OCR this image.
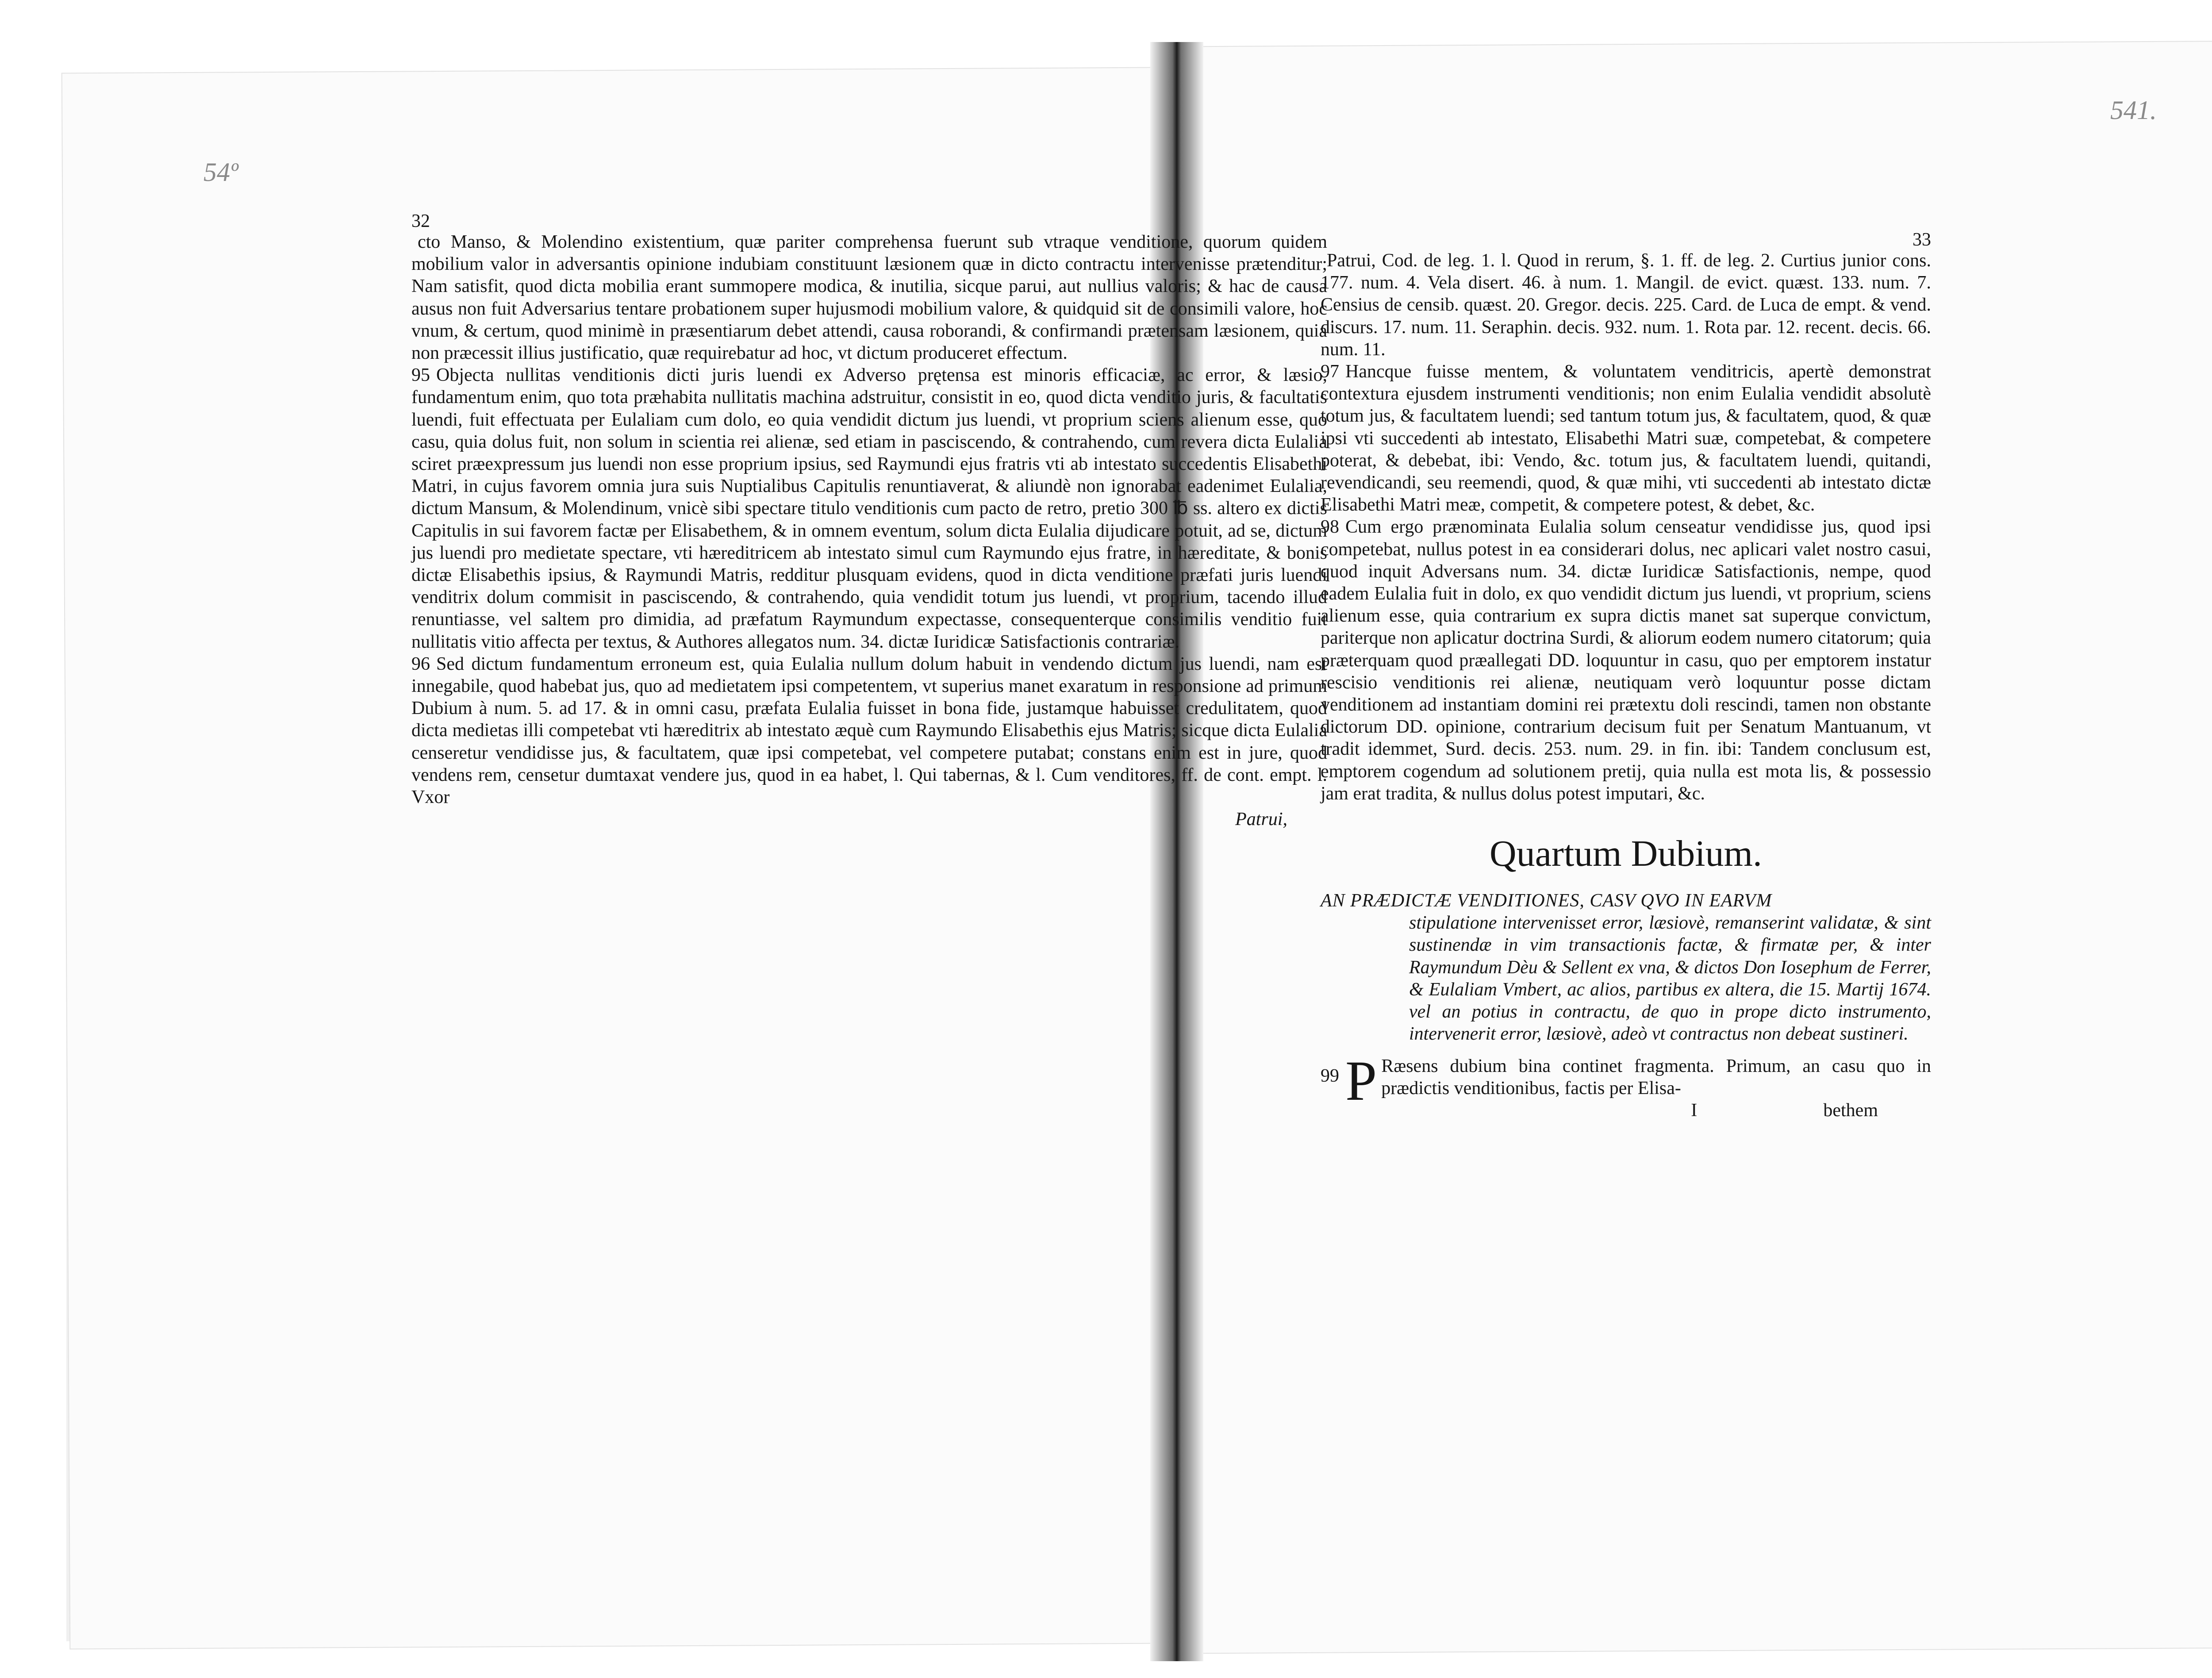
54º
541.
32

cto Manso, & Molendino existentium, quæ pariter comprehensa fuerunt sub vtraque venditione, quorum quidem mobilium valor in adversantis opinione indubiam constituunt læsionem quæ in dicto contractu intervenisse prætenditur; Nam satisfit, quod dicta mobilia erant summopere modica, & inutilia, sicque parui, aut nullius valoris; & hac de causa ausus non fuit Adversarius tentare probationem super hujusmodi mobilium valore, & quidquid sit de consimili valore, hoc vnum, & certum, quod minimè in præsentiarum debet attendi, causa roborandi, & confirmandi prætensam læsionem, quia non præcessit illius justificatio, quæ requirebatur ad hoc, vt dictum produceret effectum.

95 Objecta nullitas venditionis dicti juris luendi ex Adverso prętensa est minoris efficaciæ, ac error, & læsio, fundamentum enim, quo tota præhabita nullitatis machina adstruitur, consistit in eo, quod dicta venditio juris, & facultatis luendi, fuit effectuata per Eulaliam cum dolo, eo quia vendidit dictum jus luendi, vt proprium sciens alienum esse, quo casu, quia dolus fuit, non solum in scientia rei alienæ, sed etiam in pasciscendo, & contrahendo, cum revera dicta Eulalia sciret præexpressum jus luendi non esse proprium ipsius, sed Raymundi ejus fratris vti ab intestato succedentis Elisabethi Matri, in cujus favorem omnia jura suis Nuptialibus Capitulis renuntiaverat, & aliundè non ignorabat eadenimet Eulalia, dictum Mansum, & Molendinum, vnicè sibi spectare titulo venditionis cum pacto de retro, pretio 300 ℔ ss. altero ex dictis Capitulis in sui favorem factæ per Elisabethem, & in omnem eventum, solum dicta Eulalia dijudicare potuit, ad se, dictum jus luendi pro medietate spectare, vti hæreditricem ab intestato simul cum Raymundo ejus fratre, in hæreditate, & bonis dictæ Elisabethis ipsius, & Raymundi Matris, redditur plusquam evidens, quod in dicta venditione præfati juris luendi venditrix dolum commisit in pasciscendo, & contrahendo, quia vendidit totum jus luendi, vt proprium, tacendo illud renuntiasse, vel saltem pro dimidia, ad præfatum Raymundum expectasse, consequenterque consimilis venditio fuit nullitatis vitio affecta per textus, & Authores allegatos num. 34. dictæ Iuridicæ Satisfactionis contrariæ.

96 Sed dictum fundamentum erroneum est, quia Eulalia nullum dolum habuit in vendendo dictum jus luendi, nam est innegabile, quod habebat jus, quo ad medietatem ipsi competentem, vt superius manet exaratum in responsione ad primum Dubium à num. 5. ad 17. & in omni casu, præfata Eulalia fuisset in bona fide, justamque habuisset credulitatem, quod dicta medietas illi competebat vti hæreditrix ab intestato æquè cum Raymundo Elisabethis ejus Matris; sicque dicta Eulalia censeretur vendidisse jus, & facultatem, quæ ipsi competebat, vel competere putabat; constans enim est in jure, quod vendens rem, censetur dumtaxat vendere jus, quod in ea habet, l. Qui tabernas, & l. Cum venditores, ff. de cont. empt. l. Vxor

Patrui,
33

Patrui, Cod. de leg. 1. l. Quod in rerum, §. 1. ff. de leg. 2. Curtius junior cons. 177. num. 4. Vela disert. 46. à num. 1. Mangil. de evict. quæst. 133. num. 7. Censius de censib. quæst. 20. Gregor. decis. 225. Card. de Luca de empt. & vend. discurs. 17. num. 11. Seraphin. decis. 932. num. 1. Rota par. 12. recent. decis. 66. num. 11.

97 Hancque fuisse mentem, & voluntatem venditricis, apertè demonstrat contextura ejusdem instrumenti venditionis; non enim Eulalia vendidit absolutè totum jus, & facultatem luendi; sed tantum totum jus, & facultatem, quod, & quæ ipsi vti succedenti ab intestato, Elisabethi Matri suæ, competebat, & competere poterat, & debebat, ibi: Vendo, &c. totum jus, & facultatem luendi, quitandi, revendicandi, seu reemendi, quod, & quæ mihi, vti succedenti ab intestato dictæ Elisabethi Matri meæ, competit, & competere potest, & debet, &c.

98 Cum ergo prænominata Eulalia solum censeatur vendidisse jus, quod ipsi competebat, nullus potest in ea considerari dolus, nec aplicari valet nostro casui, quod inquit Adversans num. 34. dictæ Iuridicæ Satisfactionis, nempe, quod eadem Eulalia fuit in dolo, ex quo vendidit dictum jus luendi, vt proprium, sciens alienum esse, quia contrarium ex supra dictis manet sat superque convictum, pariterque non aplicatur doctrina Surdi, & aliorum eodem numero citatorum; quia præterquam quod præallegati DD. loquuntur in casu, quo per emptorem instatur rescisio venditionis rei alienæ, neutiquam verò loquuntur posse dictam venditionem ad instantiam domini rei prætextu doli rescindi, tamen non obstante dictorum DD. opinione, contrarium decisum fuit per Senatum Mantuanum, vt tradit idemmet, Surd. decis. 253. num. 29. in fin. ibi: Tandem conclusum est, emptorem cogendum ad solutionem pretij, quia nulla est mota lis, & possessio jam erat tradita, & nullus dolus potest imputari, &c.

Quartum Dubium.

AN PRÆDICTÆ VENDITIONES, CASV QVO IN EARVM
stipulatione intervenisset error, læsiovè, remanserint validatæ, & sint sustinendæ in vim transactionis factæ, & firmatæ per, & inter Raymundum Dèu & Sellent ex vna, & dictos Don Iosephum de Ferrer, & Eulaliam Vmbert, ac alios, partibus ex altera, die 15. Martij 1674. vel an potius in contractu, de quo in prope dicto instrumento, intervenerit error, læsiovè, adeò vt contractus non debeat sustineri.

99 P Ræsens dubium bina continet fragmenta. Primum, an casu quo in prædictis venditionibus, factis per Elisa-

I	bethem
